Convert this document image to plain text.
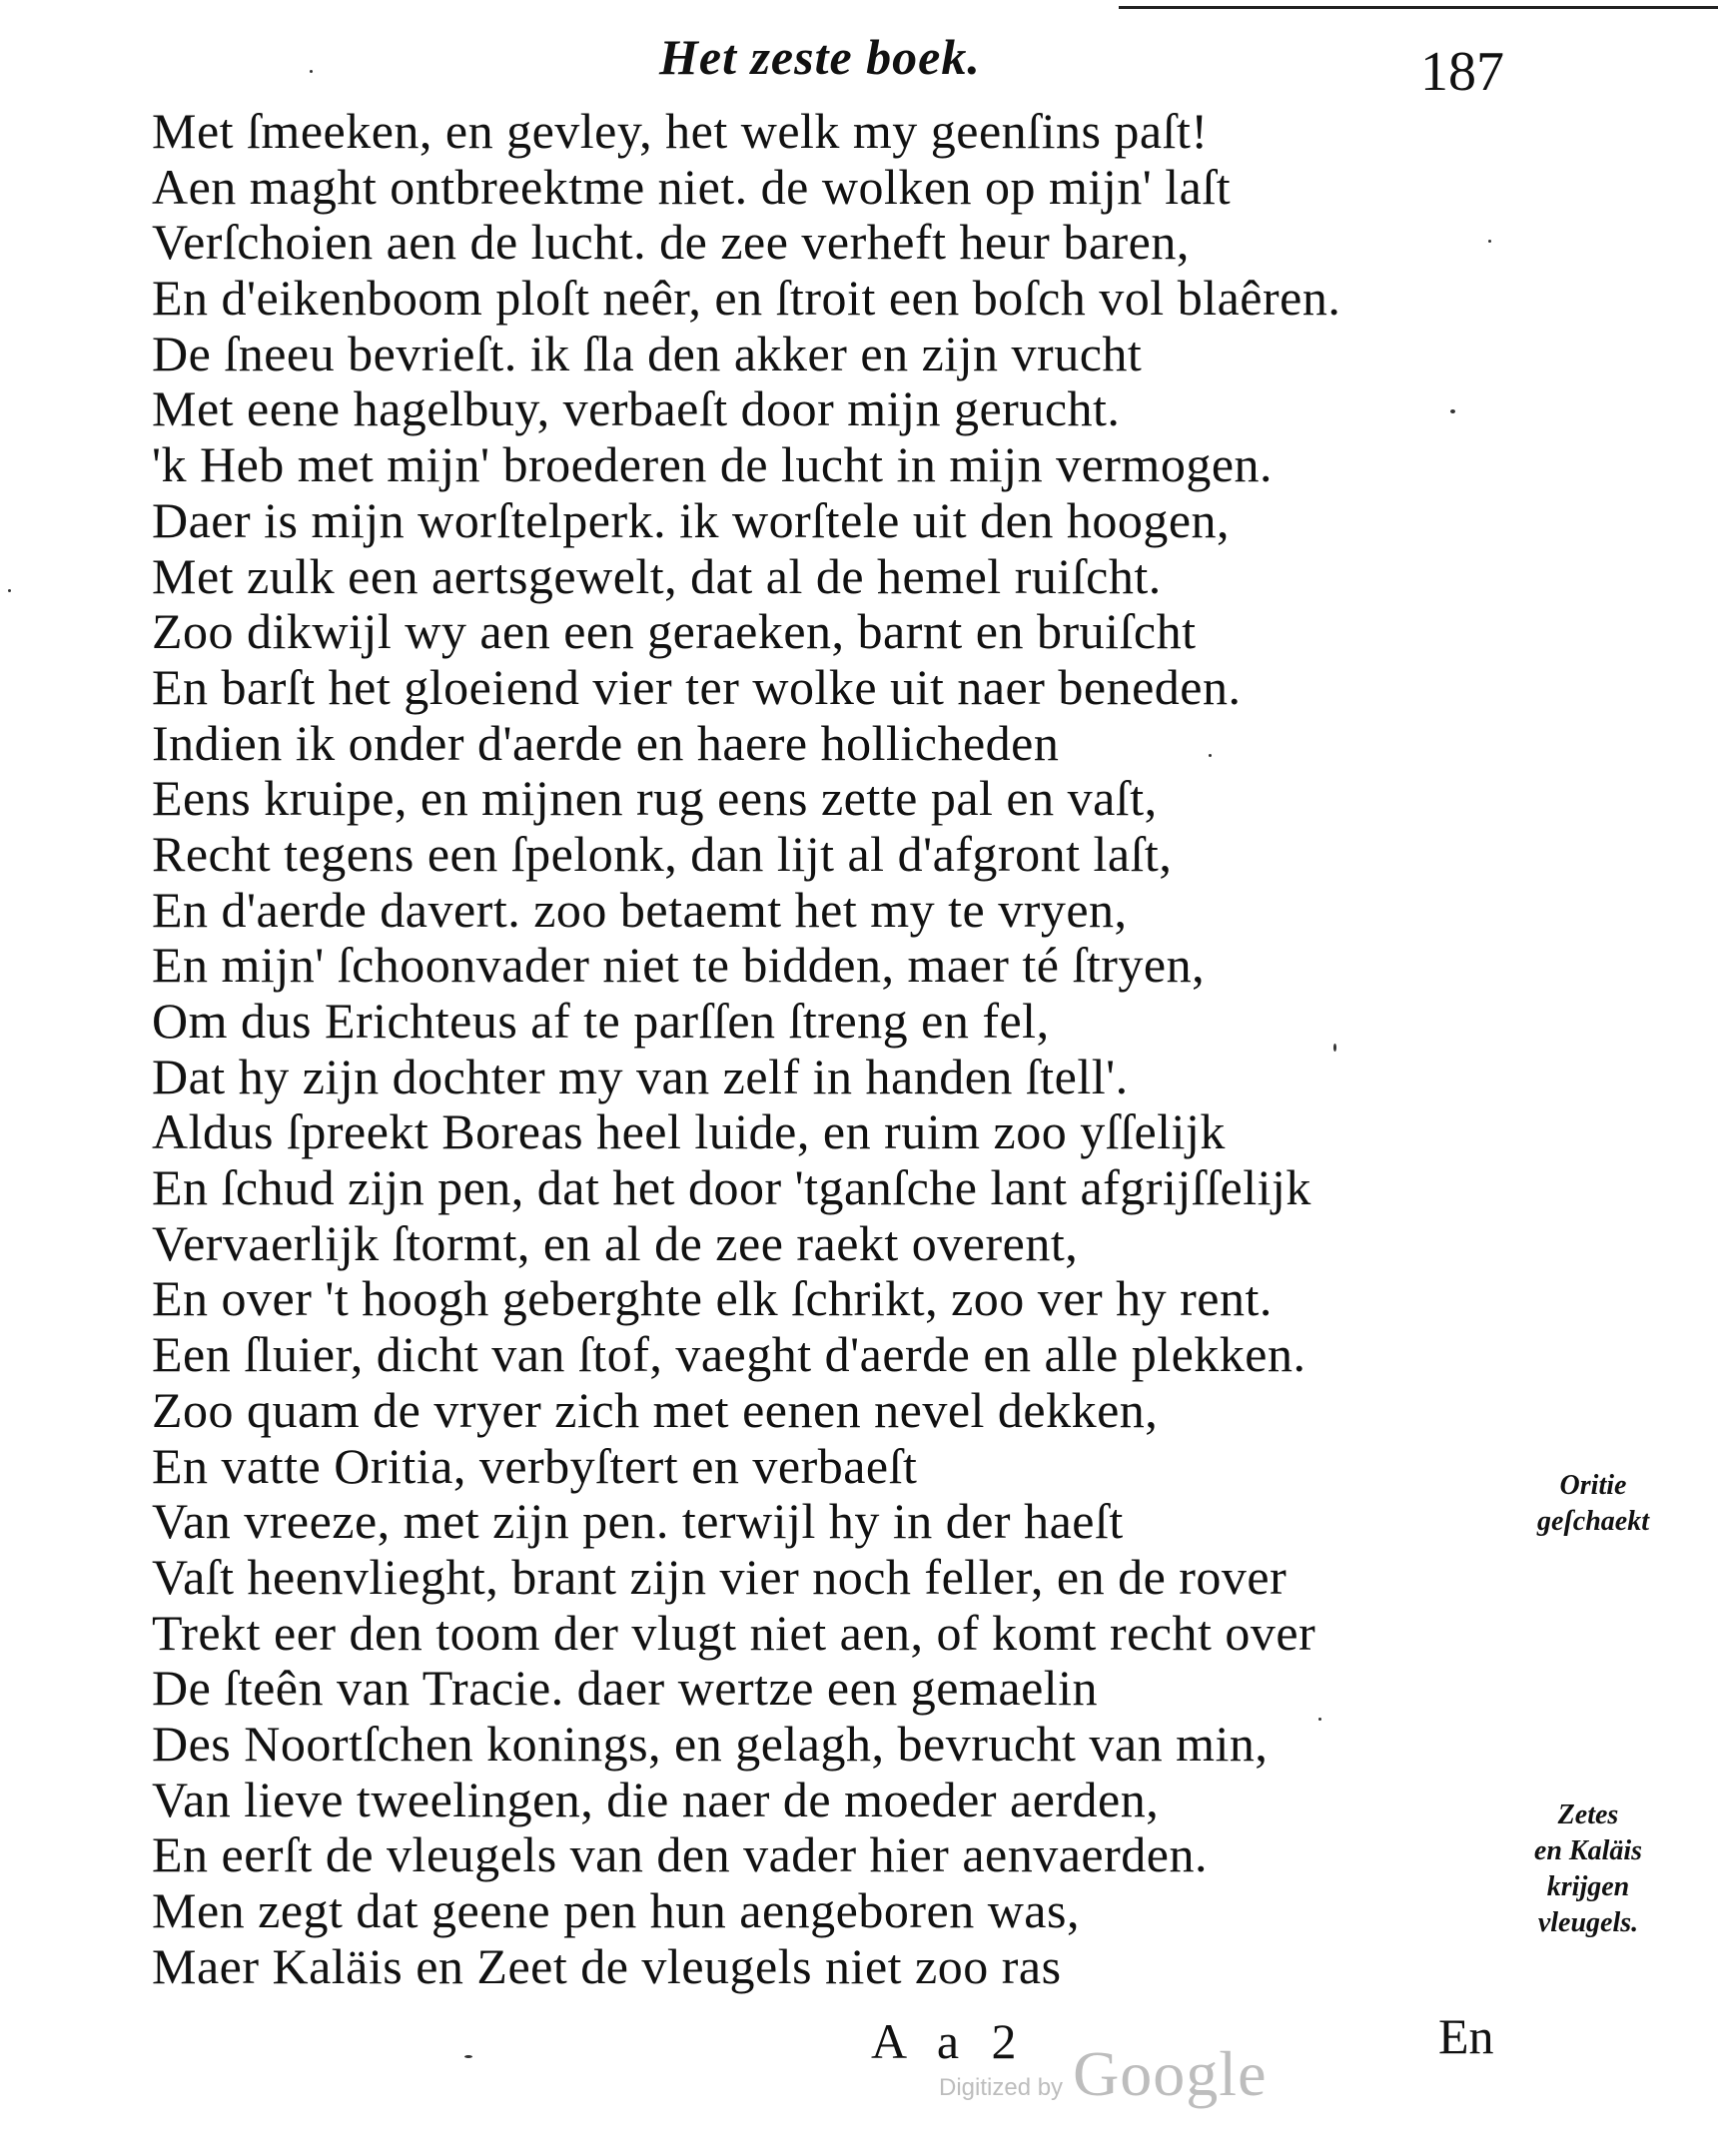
Het zeste boek.	187
Met ſmeeken, en gevley, het welk my geenſins paſt!
Aen maght ontbreektme niet. de wolken op mijn' laſt
Verſchoien aen de lucht. de zee verheft heur baren,
En d'eikenboom ploſt neêr, en ſtroit een boſch vol blaêren.
De ſneeu bevrieſt. ik ſla den akker en zijn vrucht
Met eene hagelbuy, verbaeſt door mijn gerucht.
'k Heb met mijn' broederen de lucht in mijn vermogen.
Daer is mijn worſtelperk. ik worſtele uit den hoogen,
Met zulk een aertsgewelt, dat al de hemel ruiſcht.
Zoo dikwijl wy aen een geraeken, barnt en bruiſcht
En barſt het gloeiend vier ter wolke uit naer beneden.
Indien ik onder d'aerde en haere hollicheden
Eens kruipe, en mijnen rug eens zette pal en vaſt,
Recht tegens een ſpelonk, dan lijt al d'afgront laſt,
En d'aerde davert. zoo betaemt het my te vryen,
En mijn' ſchoonvader niet te bidden, maer té ſtryen,
Om dus Erichteus af te parſſen ſtreng en fel,
Dat hy zijn dochter my van zelf in handen ſtell'.
Aldus ſpreekt Boreas heel luide, en ruim zoo yſſelijk
En ſchud zijn pen, dat het door 'tganſche lant afgrijſſelijk
Vervaerlijk ſtormt, en al de zee raekt overent,
En over 't hoogh geberghte elk ſchrikt, zoo ver hy rent.
Een ſluier, dicht van ſtof, vaeght d'aerde en alle plekken.
Zoo quam de vryer zich met eenen nevel dekken,
En vatte Oritia, verbyſtert en verbaeſt
Van vreeze, met zijn pen. terwijl hy in der haeſt
Vaſt heenvlieght, brant zijn vier noch feller, en de rover
Trekt eer den toom der vlugt niet aen, of komt recht over
De ſteên van Tracie. daer wertze een gemaelin
Des Noortſchen konings, en gelagh, bevrucht van min,
Van lieve tweelingen, die naer de moeder aerden,
En eerſt de vleugels van den vader hier aenvaerden.
Men zegt dat geene pen hun aengeboren was,
Maer Kaläis en Zeet de vleugels niet zoo ras
Oritie
geſchaekt
Zetes
en Kaläis
krijgen
vleugels.
A a 2	En
Digitized by Google
